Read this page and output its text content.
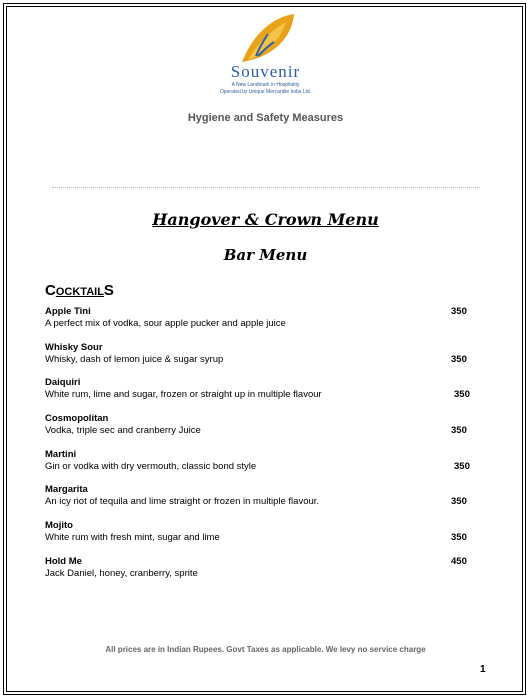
Souvenir
A New Landmark in Hospitality
Operated by Unique Mercantile India Ltd.
Hygiene and Safety Measures
Hangover & Crown Menu
Bar Menu
COCKTAILS
Apple Tini
A perfect mix of vodka, sour apple pucker and apple juice
350
Whisky Sour
Whisky, dash of lemon juice & sugar syrup	350
Daiquiri
White rum, lime and sugar, frozen or straight up in multiple flavour	350
Cosmopolitan
Vodka, triple sec and cranberry Juice	350
Martini
Gin or vodka with dry vermouth, classic bond style	350
Margarita
An icy riot of tequila and lime straight or frozen in multiple flavour.	350
Mojito
White rum with fresh mint, sugar and lime	350
Hold Me
Jack Daniel, honey, cranberry, sprite
450
All prices are in Indian Rupees. Govt Taxes as applicable. We levy no service charge
1
